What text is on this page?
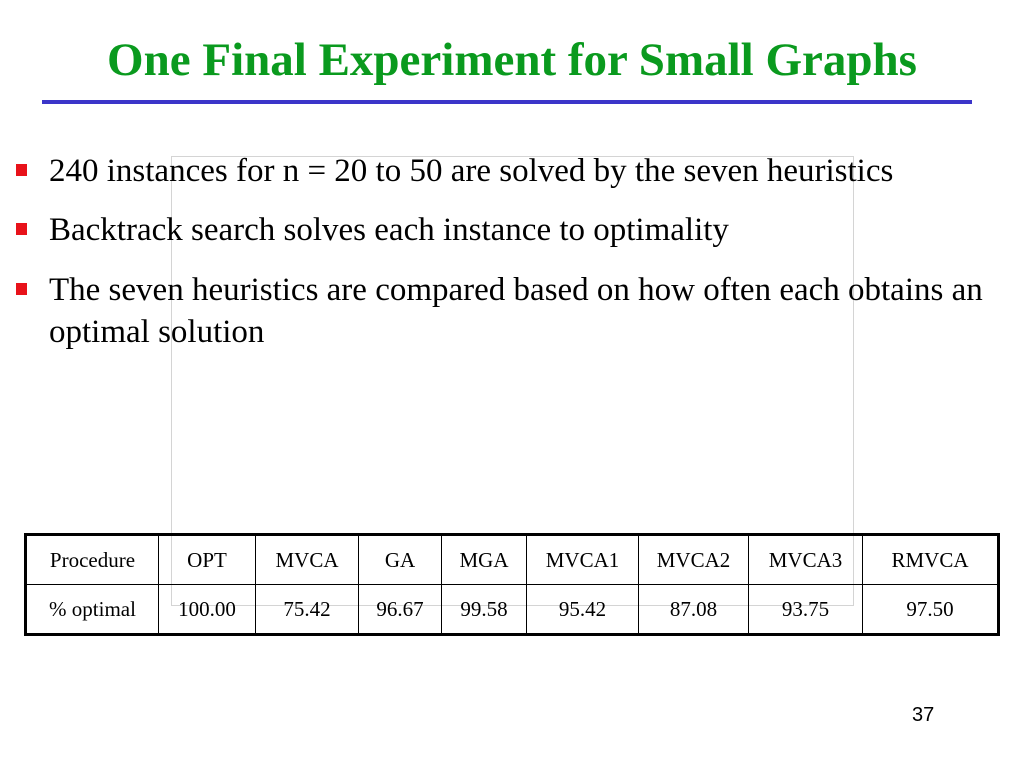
One Final Experiment for Small Graphs
240 instances for n = 20 to 50 are solved by the seven heuristics
Backtrack search solves each instance to optimality
The seven heuristics are compared based on how often each obtains an optimal solution
Procedure	OPT	MVCA	GA	MGA	MVCA1	MVCA2	MVCA3	RMVCA
% optimal	100.00	75.42	96.67	99.58	95.42	87.08	93.75	97.50
37
